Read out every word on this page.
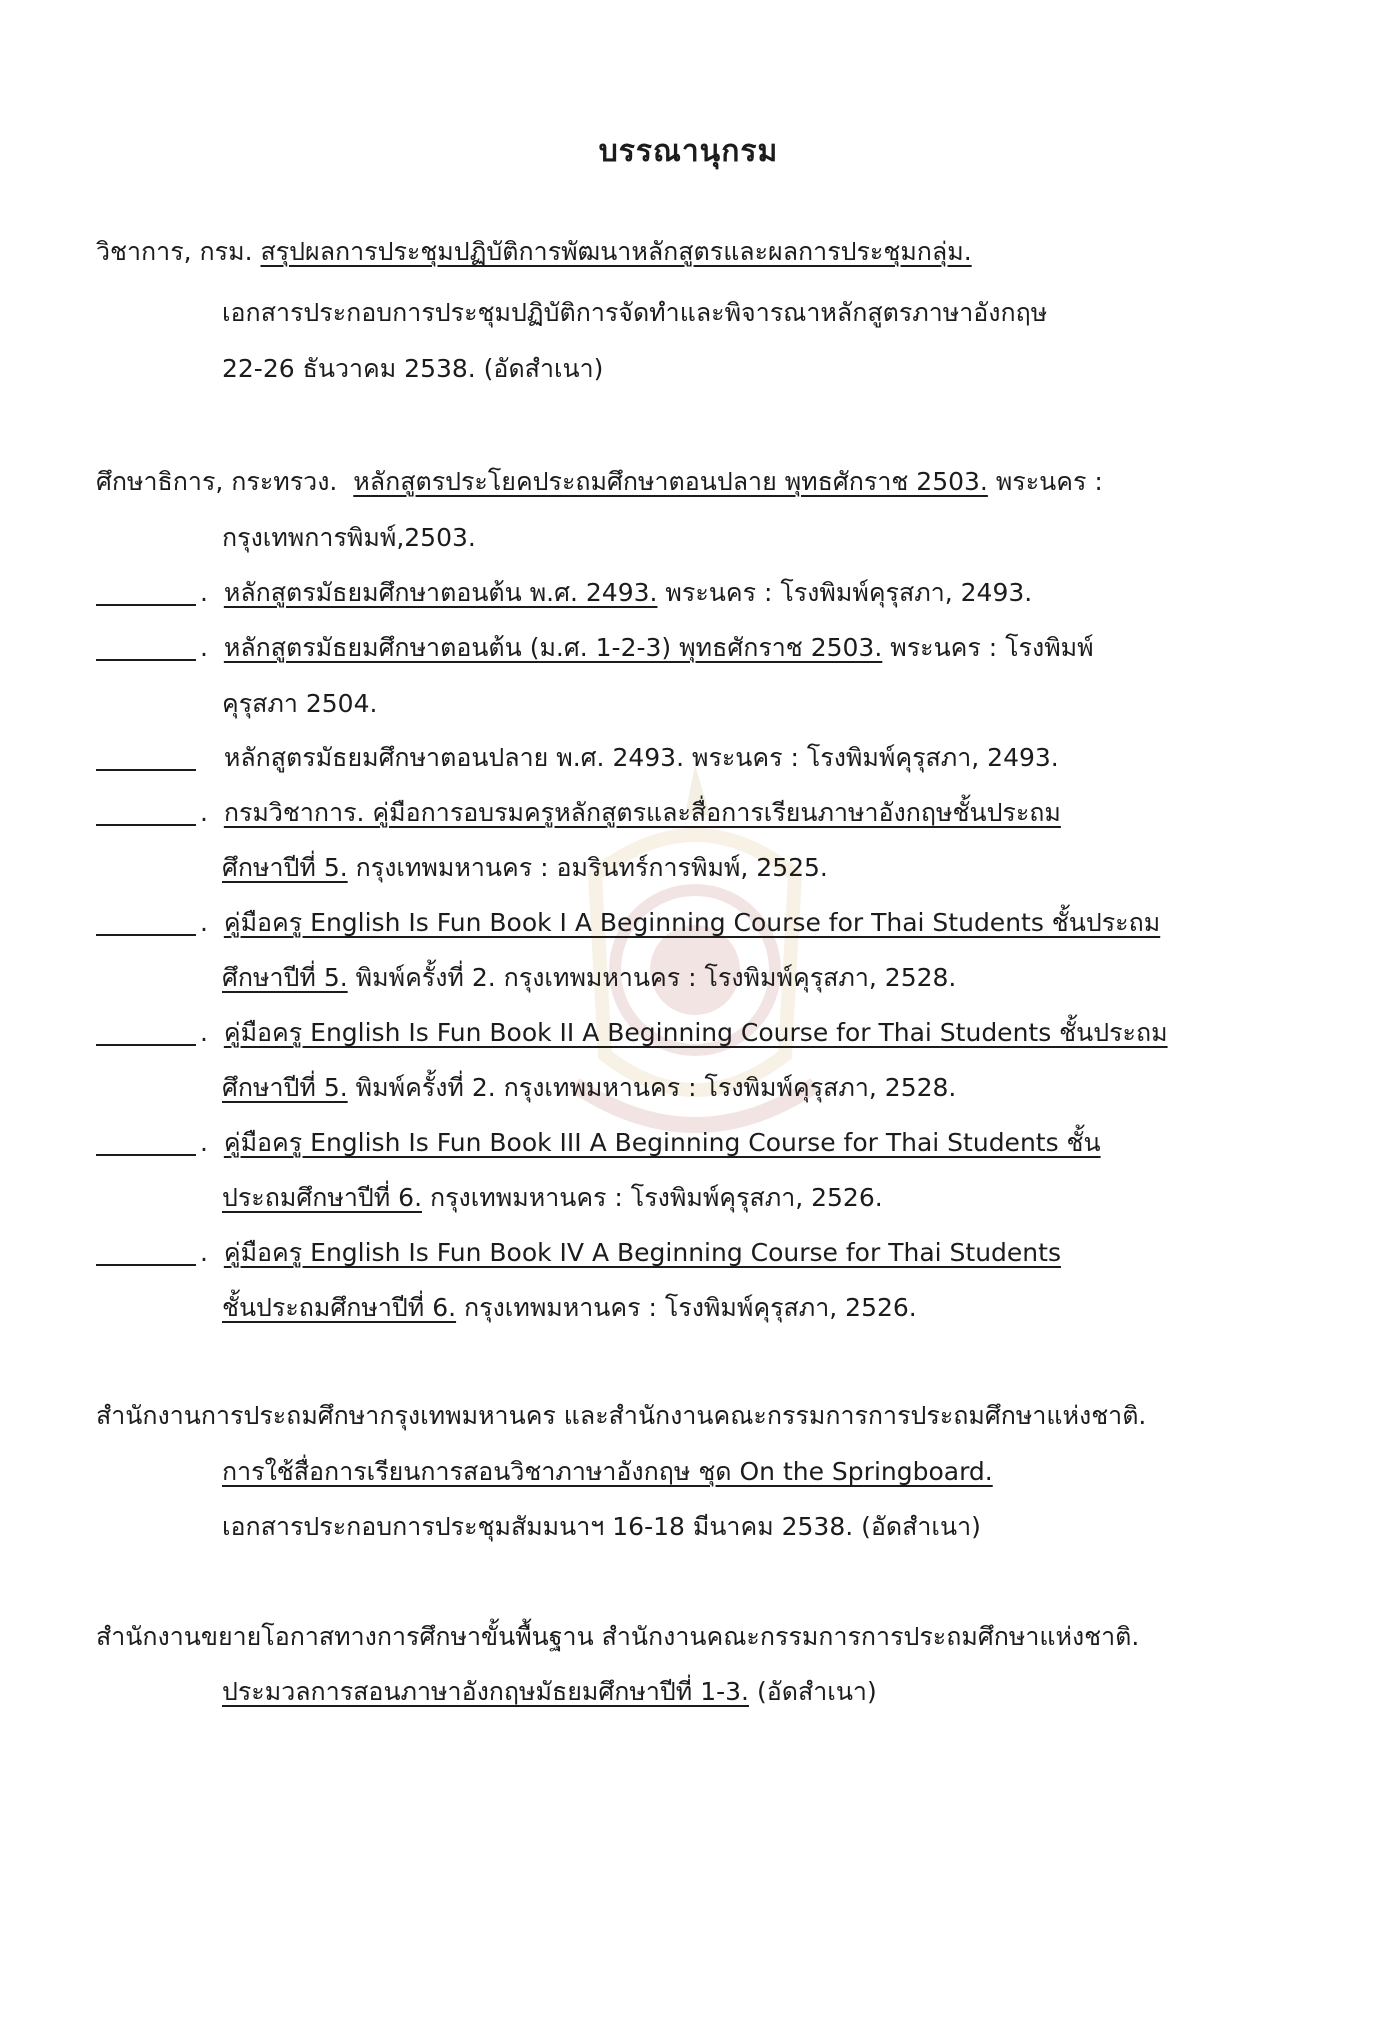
บรรณานุกรม
วิชาการ, กรม. สรุปผลการประชุมปฏิบัติการพัฒนาหลักสูตรและผลการประชุมกลุ่ม.
เอกสารประกอบการประชุมปฏิบัติการจัดทำและพิจารณาหลักสูตรภาษาอังกฤษ
22-26 ธันวาคม 2538. (อัดสำเนา)
ศึกษาธิการ, กระทรวง. หลักสูตรประโยคประถมศึกษาตอนปลาย พุทธศักราช 2503. พระนคร :
กรุงเทพการพิมพ์,2503.
.  หลักสูตรมัธยมศึกษาตอนต้น พ.ศ. 2493. พระนคร : โรงพิมพ์คุรุสภา, 2493.
.  หลักสูตรมัธยมศึกษาตอนต้น (ม.ศ. 1-2-3) พุทธศักราช 2503. พระนคร : โรงพิมพ์
คุรุสภา 2504.
หลักสูตรมัธยมศึกษาตอนปลาย พ.ศ. 2493. พระนคร : โรงพิมพ์คุรุสภา, 2493.
.  กรมวิชาการ. คู่มือการอบรมครูหลักสูตรและสื่อการเรียนภาษาอังกฤษชั้นประถม
ศึกษาปีที่ 5. กรุงเทพมหานคร : อมรินทร์การพิมพ์, 2525.
.  คู่มือครู English Is Fun Book I A Beginning Course for Thai Students ชั้นประถม
ศึกษาปีที่ 5. พิมพ์ครั้งที่ 2. กรุงเทพมหานคร : โรงพิมพ์คุรุสภา, 2528.
.  คู่มือครู English Is Fun Book II A Beginning Course for Thai Students ชั้นประถม
ศึกษาปีที่ 5. พิมพ์ครั้งที่ 2. กรุงเทพมหานคร : โรงพิมพ์คุรุสภา, 2528.
.  คู่มือครู English Is Fun Book III A Beginning Course for Thai Students ชั้น
ประถมศึกษาปีที่ 6. กรุงเทพมหานคร : โรงพิมพ์คุรุสภา, 2526.
.  คู่มือครู English Is Fun Book IV A Beginning Course for Thai Students
ชั้นประถมศึกษาปีที่ 6. กรุงเทพมหานคร : โรงพิมพ์คุรุสภา, 2526.
สำนักงานการประถมศึกษากรุงเทพมหานคร และสำนักงานคณะกรรมการการประถมศึกษาแห่งชาติ.
การใช้สื่อการเรียนการสอนวิชาภาษาอังกฤษ ชุด On the Springboard.
เอกสารประกอบการประชุมสัมมนาฯ 16-18 มีนาคม 2538. (อัดสำเนา)
สำนักงานขยายโอกาสทางการศึกษาขั้นพื้นฐาน สำนักงานคณะกรรมการการประถมศึกษาแห่งชาติ.
ประมวลการสอนภาษาอังกฤษมัธยมศึกษาปีที่ 1-3. (อัดสำเนา)
